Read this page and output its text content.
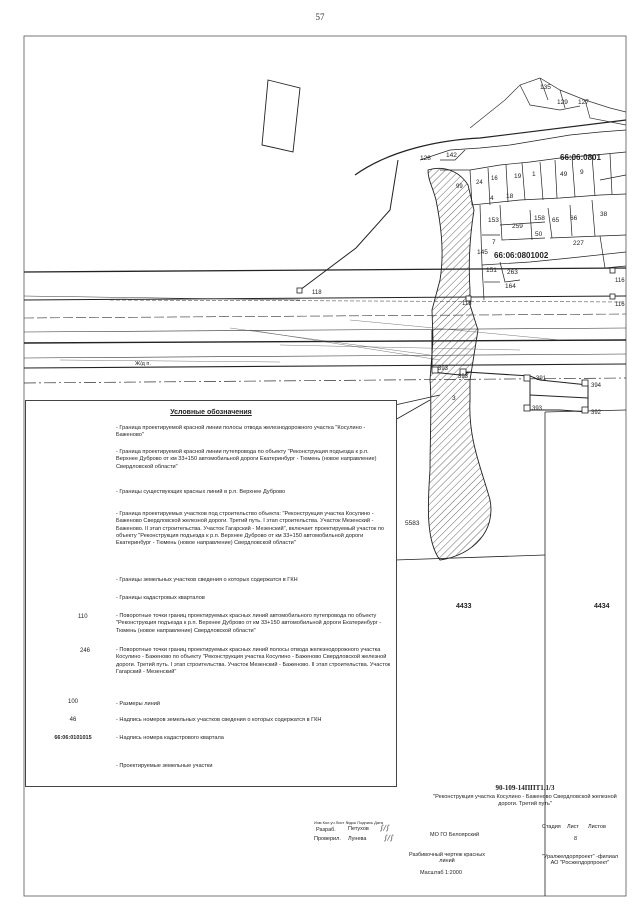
57
135
129 127
128 142	66:06:0801
24
16	19 1	49 9
99
4 18
153
259
158 65 66
38
50
7	227
145 66:06:0801002
151 263
164
118
118
116
116
393
393	391
394
392
393
3
5583
4433	4434
Ж/д п.
Условные обозначения
- Граница проектируемой красной линии полосы отвода железнодорожного участка "Косулино - Баженово"
- Граница проектируемой красной линии путепровода по объекту "Реконструкция подъезда к р.п. Верхнее Дуброво от км 33+150 автомобильной дороги Екатеринбург - Тюмень (новое направление) Свердловской области"
- Границы существующих красных линий в р.п. Верхнее Дуброво
- Граница проектируемых участков под строительство объекта: "Реконструкция участка Косулино - Баженово Свердловской железной дороги. Третий путь. I этап строительства. Участок Мезенский - Баженово. II этап строительства. Участок Гагарский - Мезенский", включает проектируемый участок по объекту "Реконструкция подъезда к р.п. Верхнее Дуброво от км 33+150 автомобильной дороги Екатеринбург - Тюмень (новое направление) Свердловской области"
- Границы земельных участков сведения о которых содержатся в ГКН
- Границы кадастровых кварталов
110	- Поворотные точки границ проектируемых красных линий автомобильного путепровода по объекту "Реконструкция подъезда к р.п. Верхнее Дуброво от км 33+150 автомобильной дороги Екатеринбург - Тюмень (новое направление) Свердловской области"
246	- Поворотные точки границ проектируемых красных линий полосы отвода железнодорожного участка Косулино - Баженово по объекту "Реконструкция участка Косулино - Баженово Свердловской железной дороги. Третий путь. I этап строительства. Участок Мезенский - Баженово. II этап строительства. Участок Гагарский - Мезенский"
100	- Размеры линий
46	- Надпись номеров земельных участков сведения о которых содержатся в ГКН
66:06:0101015	- Надпись номера кадастрового квартала
- Проектируемые земельные участки
90-109-14ППТ1.1/3
"Реконструкция участка Косулино - Баженово Свердловской железной дороги. Третий путь"
Изм Кол.уч Лист №док Подпись Дата
Разраб. Петухов
Проверил. Лунева
∫∕∫
∫∕∫	МО ГО Белоярский
Стадия Лист Листов
8
Разбивочный чертеж красных линий
Масштаб 1:2000
"Уралжелдорпроект" -филиал АО "Росжелдорпроект"
